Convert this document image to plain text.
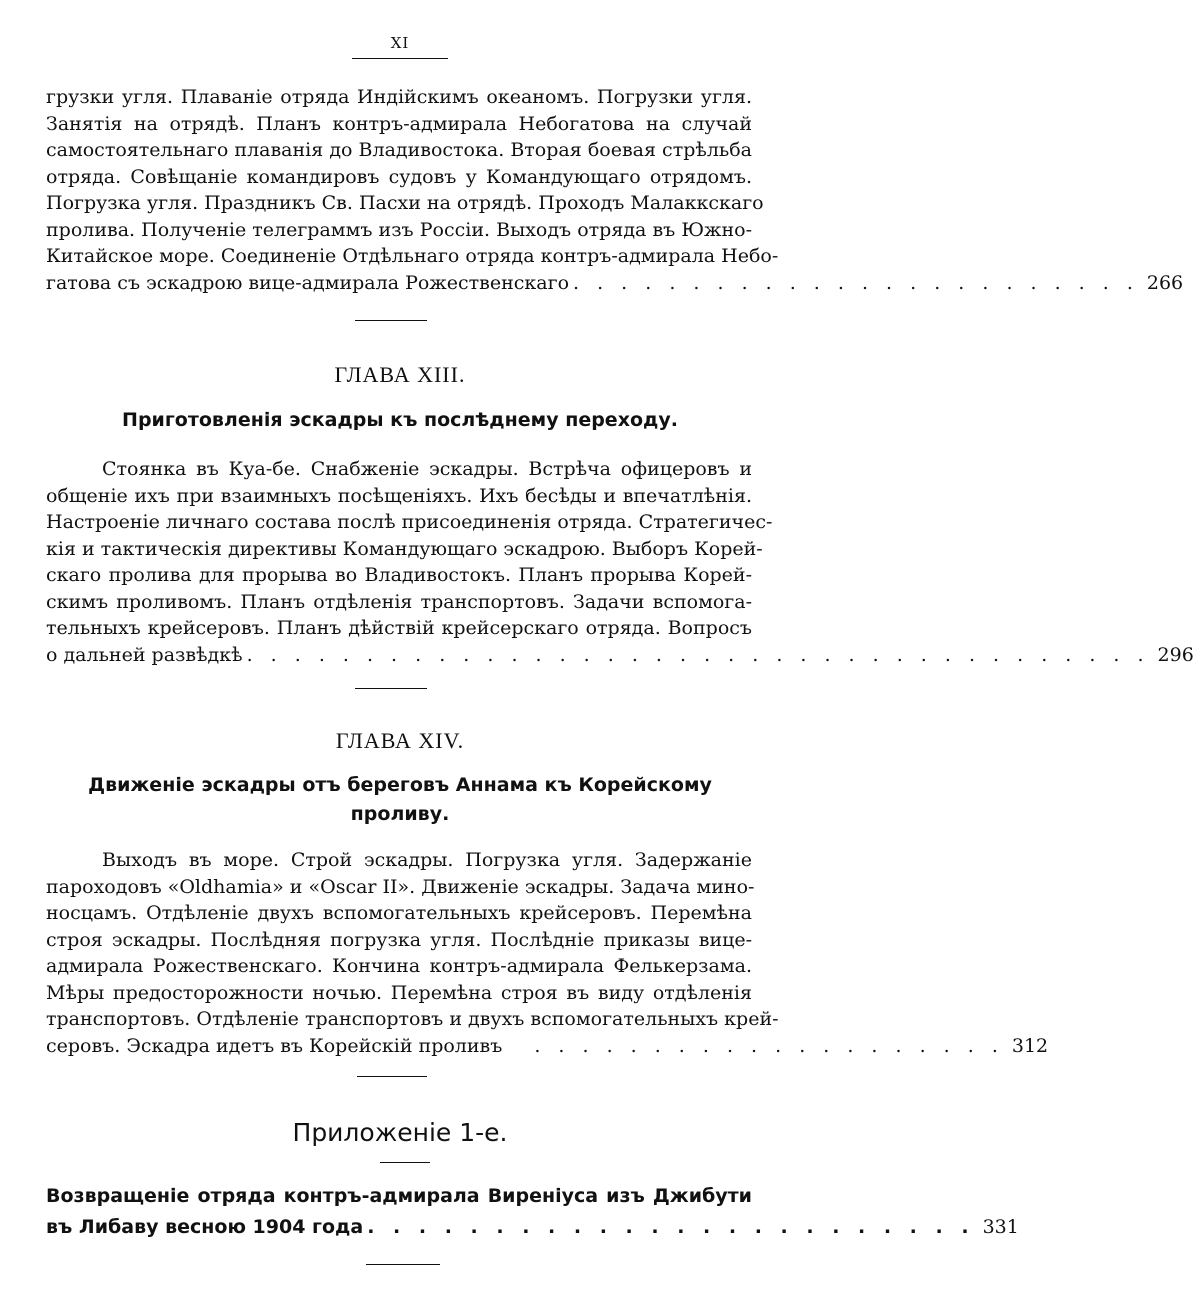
XI
грузки угля. Плаваніе отряда Индійскимъ океаномъ. Погрузки угля.
Занятія на отрядѣ. Планъ контръ-адмирала Небогатова на случай
самостоятельнаго плаванія до Владивостока. Вторая боевая стрѣльба
отряда. Совѣщаніе командировъ судовъ у Командующаго отрядомъ.
Погрузка угля. Праздникъ Св. Пасхи на отрядѣ. Проходъ Малаккскаго
пролива. Полученіе телеграммъ изъ Россіи. Выходъ отряда въ Южно-
Китайское море. Соединеніе Отдѣльнаго отряда контръ-адмирала Небо-
гатова съ эскадрою вице-адмирала Рожественскаго . . . . . . . . . . . . . . . . . . . . . . . . 266
ГЛАВА XIII.
Приготовленія эскадры къ послѣднему переходу.
Стоянка въ Куа-бе. Снабженіе эскадры. Встрѣча офицеровъ и
общеніе ихъ при взаимныхъ посѣщеніяхъ. Ихъ бесѣды и впечатлѣнія.
Настроеніе личнаго состава послѣ присоединенія отряда. Стратегичес-
кія и тактическія директивы Командующаго эскадрою. Выборъ Корей-
скаго пролива для прорыва во Владивостокъ. Планъ прорыва Корей-
скимъ проливомъ. Планъ отдѣленія транспортовъ. Задачи вспомога-
тельныхъ крейсеровъ. Планъ дѣйствій крейсерскаго отряда. Вопросъ
о дальней развѣдкѣ . . . . . . . . . . . . . . . . . . . . . . . . . . . . . . . . . . . . . . 296
ГЛАВА XIV.
Движеніе эскадры отъ береговъ Аннама къ Корейскому
проливу.
Выходъ въ море. Строй эскадры. Погрузка угля. Задержаніе
пароходовъ «Oldhamia» и «Oscar II». Движеніе эскадры. Задача мино-
носцамъ. Отдѣленіе двухъ вспомогательныхъ крейсеровъ. Перемѣна
строя эскадры. Послѣдняя погрузка угля. Послѣдніе приказы вице-
адмирала Рожественскаго. Кончина контръ-адмирала Фелькерзама.
Мѣры предосторожности ночью. Перемѣна строя въ виду отдѣленія
транспортовъ. Отдѣленіе транспортовъ и двухъ вспомогательныхъ крей-
серовъ. Эскадра идетъ въ Корейскій проливъ	. . . . . . . . . . . . . . . . . . . . 312
Приложеніе 1-е.
Возвращеніе отряда контръ-адмирала Виреніуса изъ Джибути
въ Либаву весною 1904 года . . . . . . . . . . . . . . . . . . . . . . . . 331
